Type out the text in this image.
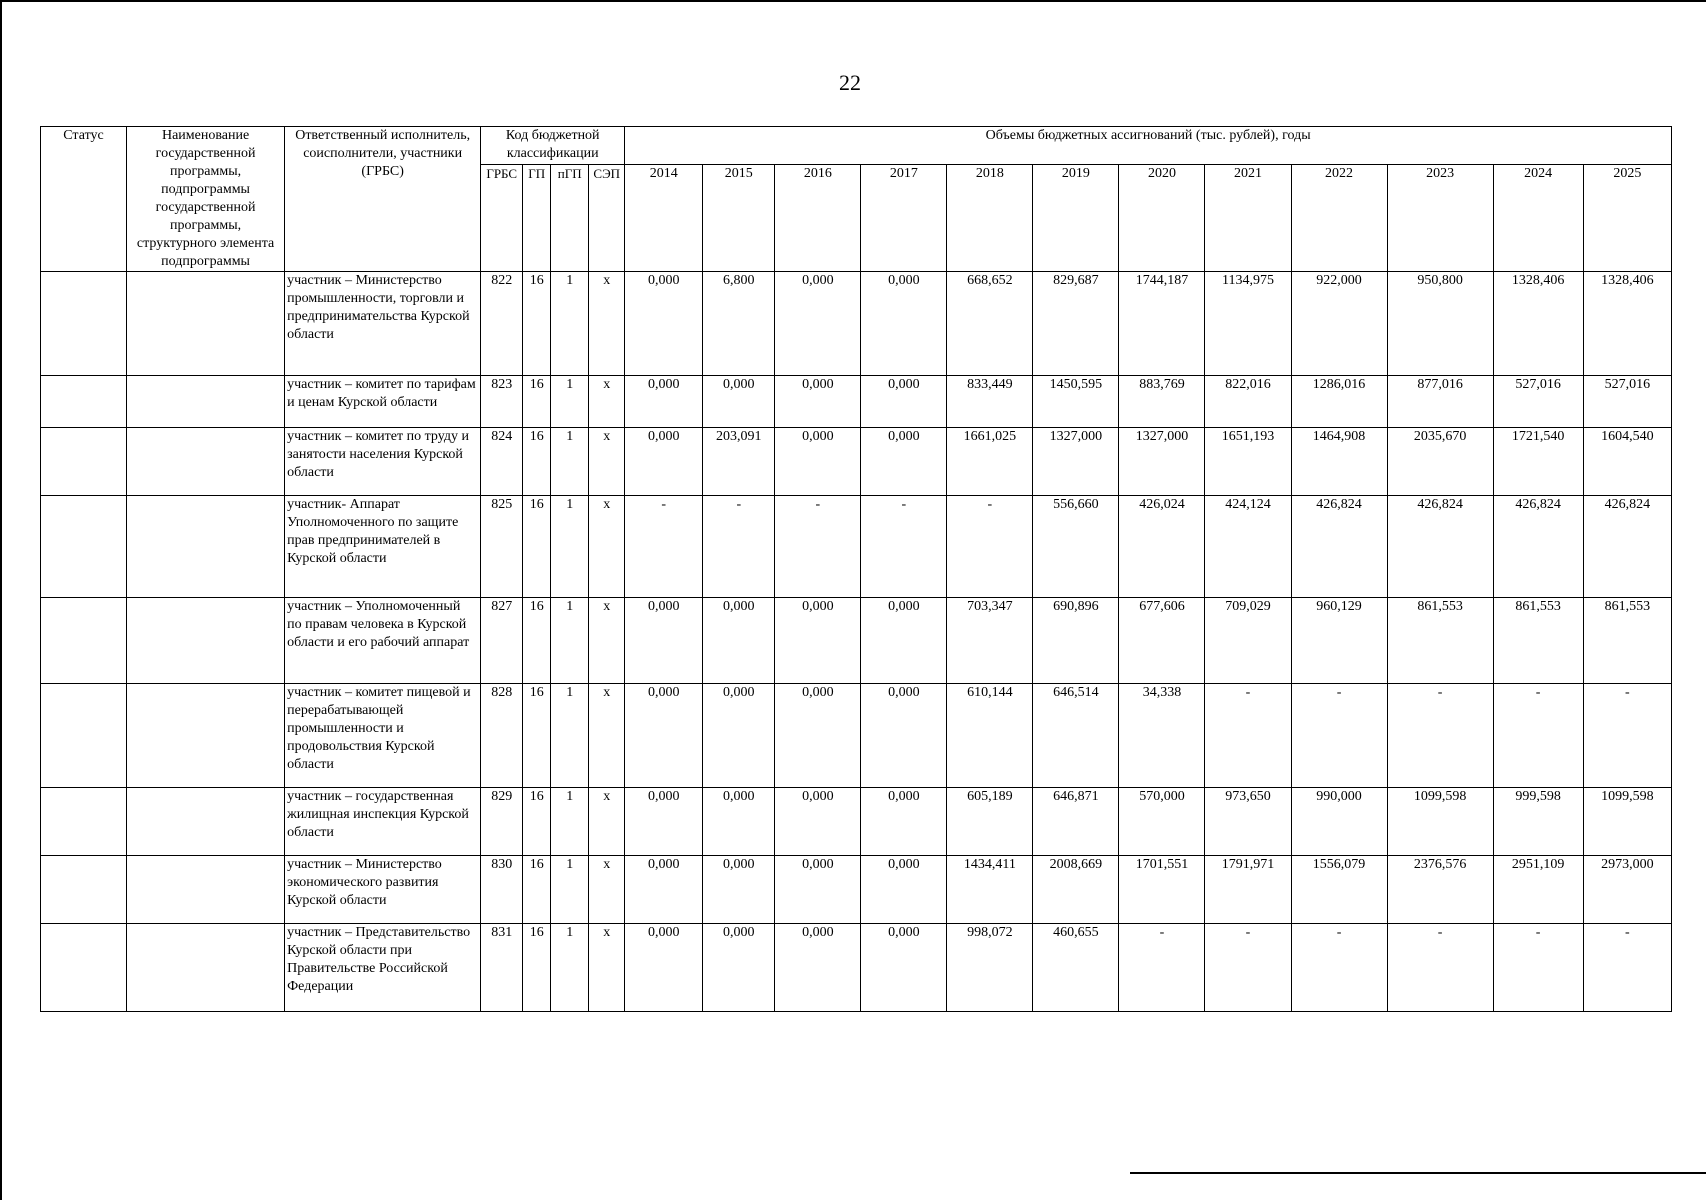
22
Статус	Наименование государственной программы, подпрограммы государственной программы, структурного элемента подпрограммы	Ответственный исполнитель, соисполнители, участники (ГРБС)	Код бюджетной классификации				Объемы бюджетных ассигнований (тыс. рублей), годы											
			ГРБС	ГП	пГП	СЭП	2014	2015	2016	2017	2018	2019	2020	2021	2022	2023	2024	2025
		участник – Министерство промышленности, торговли и предпринимательства Курской области	822	16	1	х	0,000	6,800	0,000	0,000	668,652	829,687	1744,187	1134,975	922,000	950,800	1328,406	1328,406
		участник – комитет по тарифам и ценам Курской области	823	16	1	х	0,000	0,000	0,000	0,000	833,449	1450,595	883,769	822,016	1286,016	877,016	527,016	527,016
		участник – комитет по труду и занятости населения Курской области	824	16	1	х	0,000	203,091	0,000	0,000	1661,025	1327,000	1327,000	1651,193	1464,908	2035,670	1721,540	1604,540
		участник- Аппарат Уполномоченного по защите прав предпринимателей в Курской области	825	16	1	х	-	-	-	-	-	556,660	426,024	424,124	426,824	426,824	426,824	426,824
		участник – Уполномоченный по правам человека в Курской области и его рабочий аппарат	827	16	1	х	0,000	0,000	0,000	0,000	703,347	690,896	677,606	709,029	960,129	861,553	861,553	861,553
		участник – комитет пищевой и перерабатывающей промышленности и продовольствия Курской области	828	16	1	х	0,000	0,000	0,000	0,000	610,144	646,514	34,338	-	-	-	-	-
		участник – государственная жилищная инспекция Курской области	829	16	1	х	0,000	0,000	0,000	0,000	605,189	646,871	570,000	973,650	990,000	1099,598	999,598	1099,598
		участник – Министерство экономического развития Курской области	830	16	1	х	0,000	0,000	0,000	0,000	1434,411	2008,669	1701,551	1791,971	1556,079	2376,576	2951,109	2973,000
		участник – Представительство Курской области при Правительстве Российской Федерации	831	16	1	х	0,000	0,000	0,000	0,000	998,072	460,655	-	-	-	-	-	-
